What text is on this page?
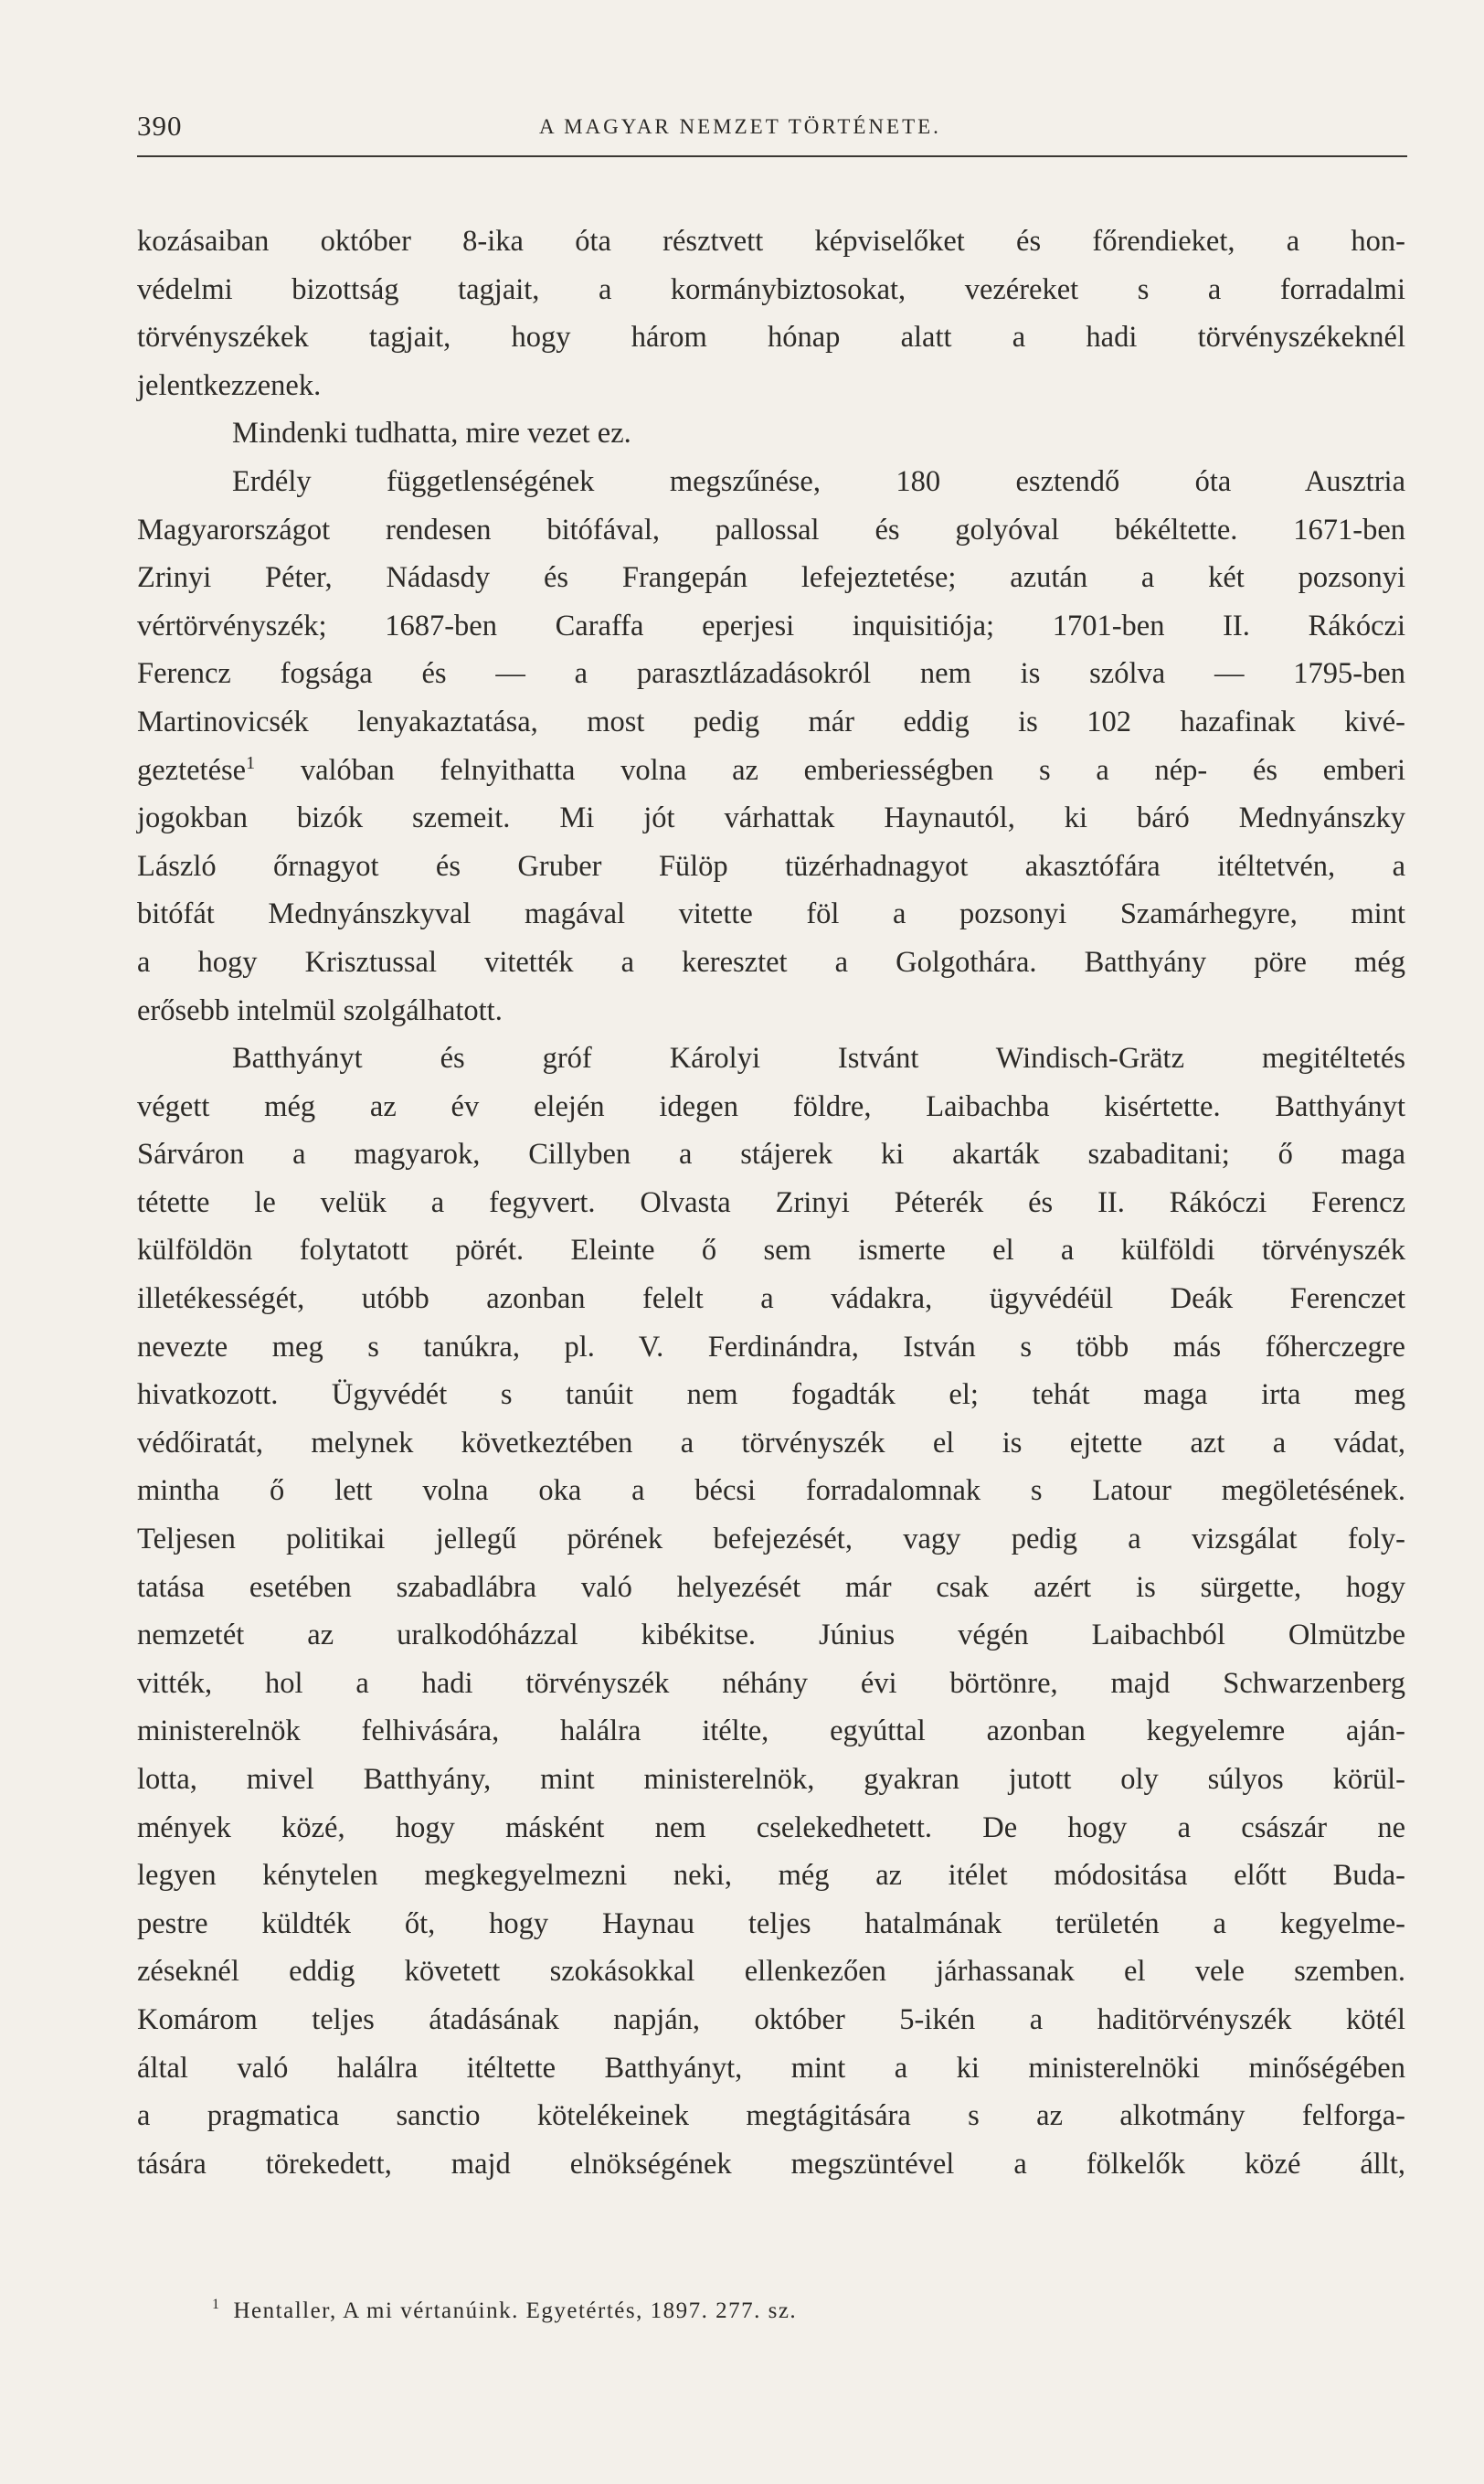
390	A MAGYAR NEMZET TÖRTÉNETE.
kozásaiban október 8-ika óta résztvett képviselőket és főrendieket, a hon-
védelmi bizottság tagjait, a kormánybiztosokat, vezéreket s a forradalmi
törvényszékek tagjait, hogy három hónap alatt a hadi törvényszékeknél
jelentkezzenek.
Mindenki tudhatta, mire vezet ez.
Erdély függetlenségének megszűnése, 180 esztendő óta Ausztria
Magyarországot rendesen bitófával, pallossal és golyóval békéltette. 1671-ben
Zrinyi Péter, Nádasdy és Frangepán lefejeztetése; azután a két pozsonyi
vértörvényszék; 1687-ben Caraffa eperjesi inquisitiója; 1701-ben II. Rákóczi
Ferencz fogsága és — a parasztlázadásokról nem is szólva — 1795-ben
Martinovicsék lenyakaztatása, most pedig már eddig is 102 hazafinak kivé-
geztetése$^1$ valóban felnyithatta volna az emberiességben s a nép- és emberi
jogokban bizók szemeit. Mi jót várhattak Haynautól, ki báró Mednyánszky
László őrnagyot és Gruber Fülöp tüzérhadnagyot akasztófára itéltetvén, a
bitófát Mednyánszkyval magával vitette föl a pozsonyi Szamárhegyre, mint
a hogy Krisztussal vitették a keresztet a Golgothára. Batthyány pöre még
erősebb intelmül szolgálhatott.
Batthyányt és gróf Károlyi Istvánt Windisch-Grätz megitéltetés
végett még az év elején idegen földre, Laibachba kisértette. Batthyányt
Sárváron a magyarok, Cillyben a stájerek ki akarták szabaditani; ő maga
tétette le velük a fegyvert. Olvasta Zrinyi Péterék és II. Rákóczi Ferencz
külföldön folytatott pörét. Eleinte ő sem ismerte el a külföldi törvényszék
illetékességét, utóbb azonban felelt a vádakra, ügyvédéül Deák Ferenczet
nevezte meg s tanúkra, pl. V. Ferdinándra, István s több más főherczegre
hivatkozott. Ügyvédét s tanúit nem fogadták el; tehát maga irta meg
védőiratát, melynek következtében a törvényszék el is ejtette azt a vádat,
mintha ő lett volna oka a bécsi forradalomnak s Latour megöletésének.
Teljesen politikai jellegű pörének befejezését, vagy pedig a vizsgálat foly-
tatása esetében szabadlábra való helyezését már csak azért is sürgette, hogy
nemzetét az uralkodóházzal kibékitse. Június végén Laibachból Olmützbe
vitték, hol a hadi törvényszék néhány évi börtönre, majd Schwarzenberg
ministerelnök felhivására, halálra itélte, egyúttal azonban kegyelemre aján-
lotta, mivel Batthyány, mint ministerelnök, gyakran jutott oly súlyos körül-
mények közé, hogy másként nem cselekedhetett. De hogy a császár ne
legyen kénytelen megkegyelmezni neki, még az itélet módositása előtt Buda-
pestre küldték őt, hogy Haynau teljes hatalmának területén a kegyelme-
zéseknél eddig követett szokásokkal ellenkezően járhassanak el vele szemben.
Komárom teljes átadásának napján, október 5-ikén a haditörvényszék kötél
által való halálra itéltette Batthyányt, mint a ki ministerelnöki minőségében
a pragmatica sanctio kötelékeinek megtágitására s az alkotmány felforga-
tására törekedett, majd elnökségének megszüntével a fölkelők közé állt,
$^1$ Hentaller, A mi vértanúink. Egyetértés, 1897. 277. sz.
